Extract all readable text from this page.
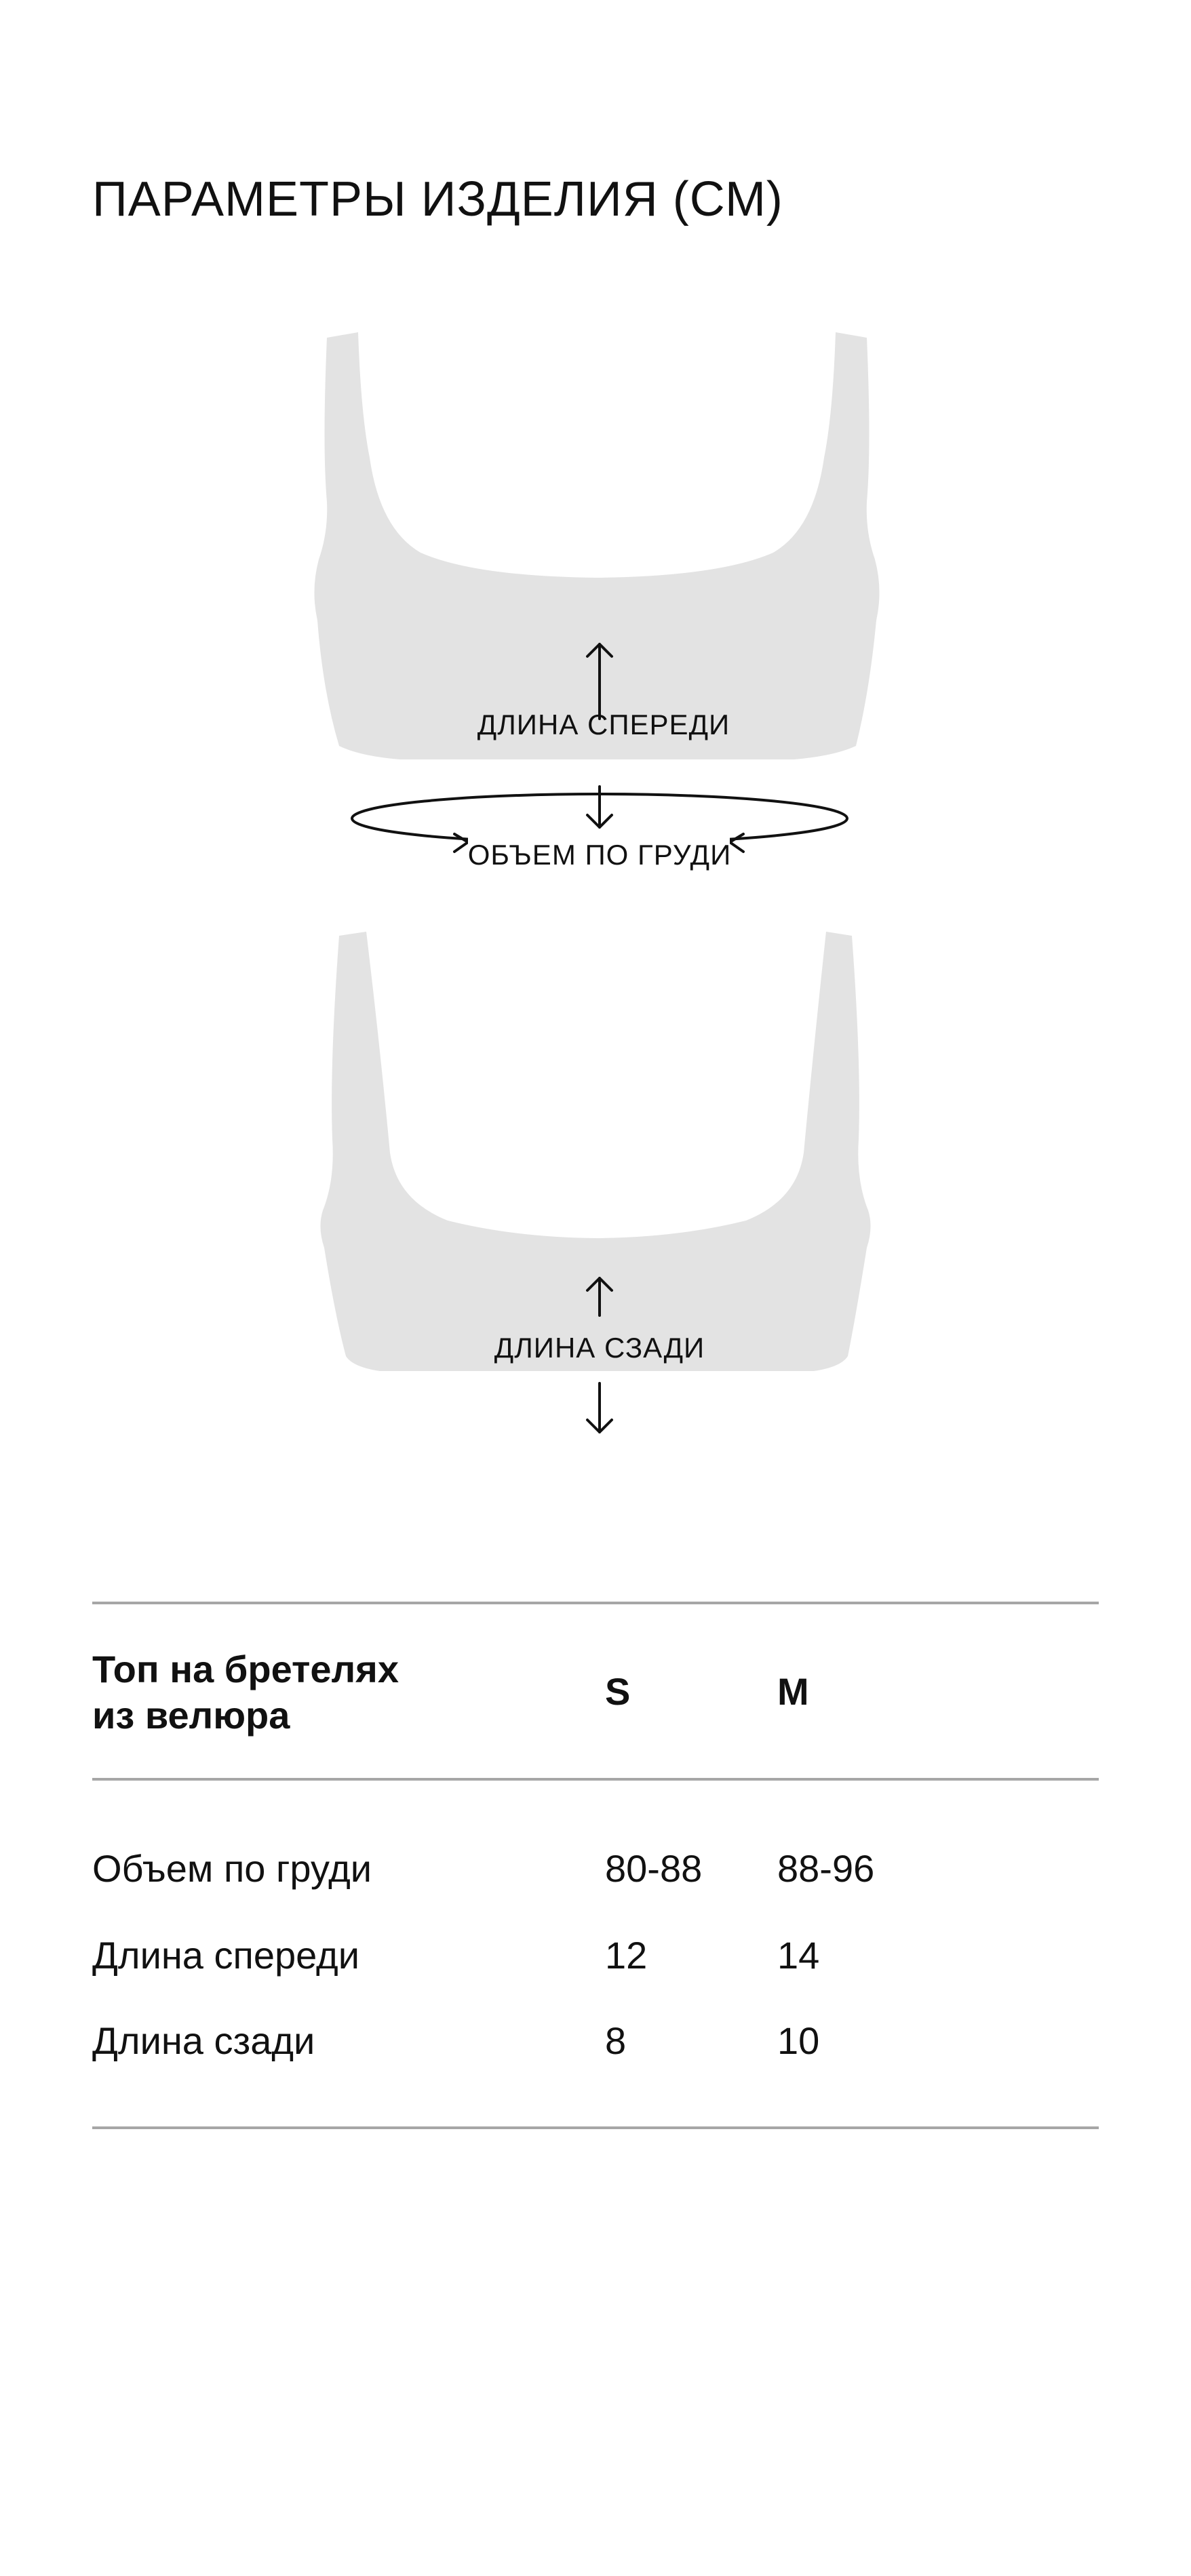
ПАРАМЕТРЫ ИЗДЕЛИЯ (СМ)
ДЛИНА СПЕРЕДИ
ОБЪЕМ ПО ГРУДИ
ДЛИНА СЗАДИ
Топ на бретелях
из велюра
S	M
Объем по груди	80-88 88-96
Длина спереди	12	14
Длина сзади	8	10
